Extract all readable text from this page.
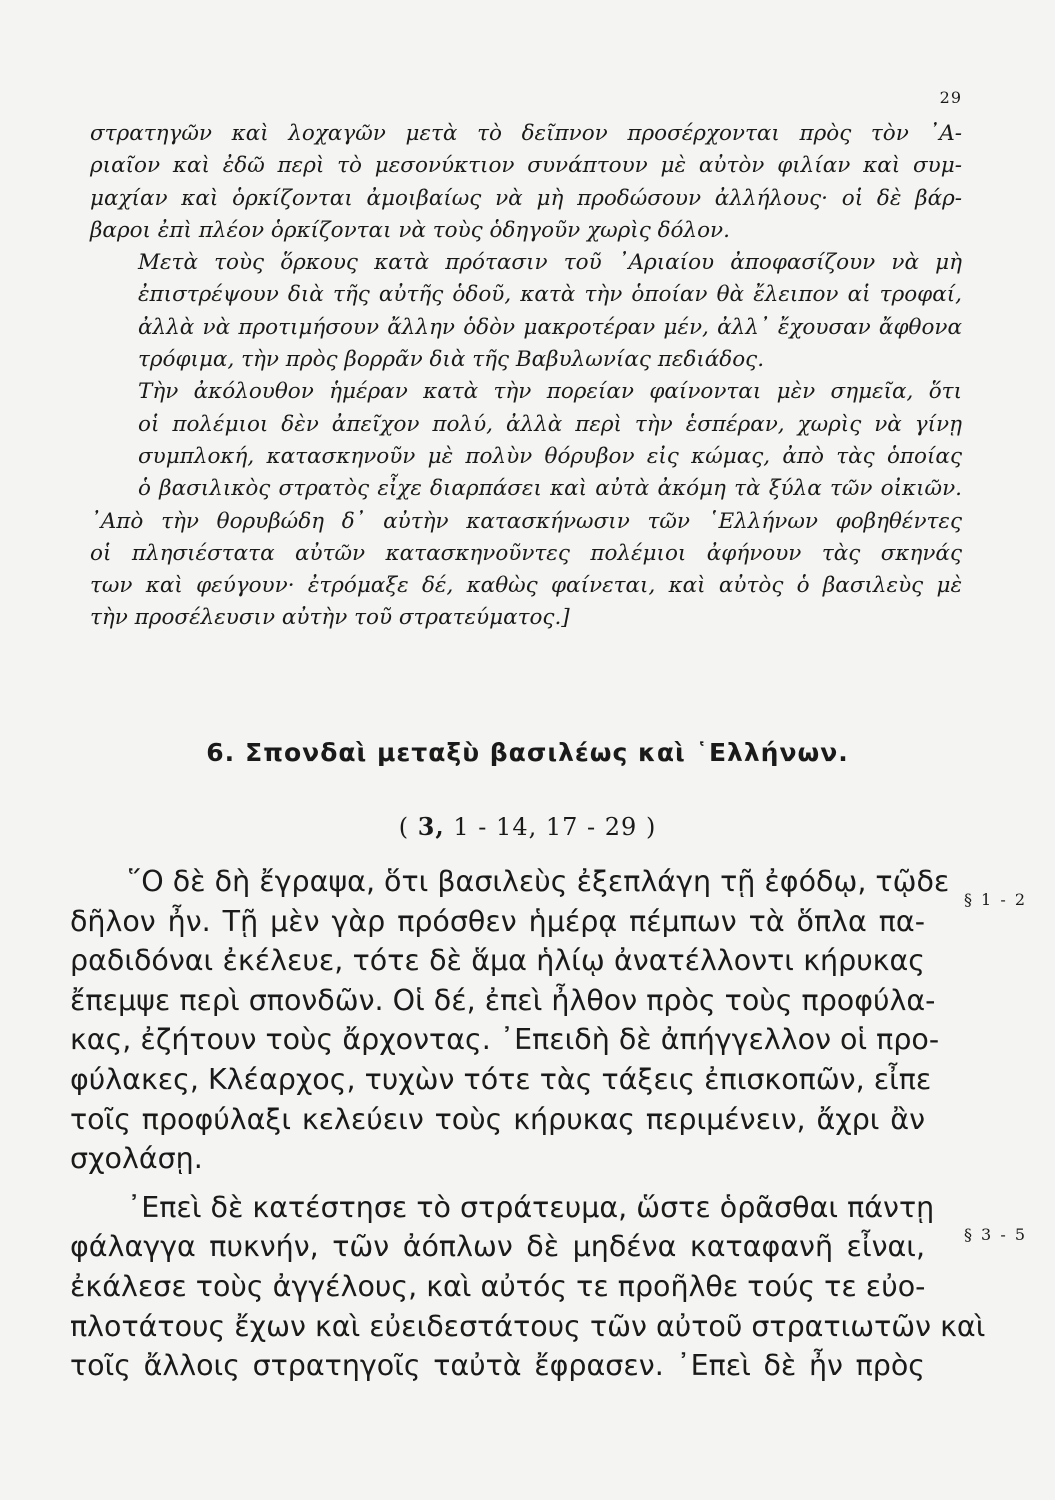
29

στρατηγῶν καὶ λοχαγῶν μετὰ τὸ δεῖπνον προσέρχονται πρὸς τὸν ᾿Α-
ριαῖον καὶ ἐδῶ περὶ τὸ μεσονύκτιον συνάπτουν μὲ αὐτὸν φιλίαν καὶ συμ-
μαχίαν καὶ ὁρκίζονται ἀμοιβαίως νὰ μὴ προδώσουν ἀλλήλους· οἱ δὲ βάρ-
βαροι ἐπὶ πλέον ὁρκίζονται νὰ τοὺς ὁδηγοῦν χωρὶς δόλον.

Μετὰ τοὺς ὅρκους κατὰ πρότασιν τοῦ ᾿Αριαίου ἀποφασίζουν νὰ μὴ
ἐπιστρέψουν διὰ τῆς αὐτῆς ὁδοῦ, κατὰ τὴν ὁποίαν θὰ ἔλειπον αἱ τροφαί,
ἀλλὰ νὰ προτιμήσουν ἄλλην ὁδὸν μακροτέραν μέν, ἀλλ᾿ ἔχουσαν ἄφθονα
τρόφιμα, τὴν πρὸς βορρᾶν διὰ τῆς Βαβυλωνίας πεδιάδος.

Τὴν ἀκόλουθον ἡμέραν κατὰ τὴν πορείαν φαίνονται μὲν σημεῖα, ὅτι
οἱ πολέμιοι δὲν ἀπεῖχον πολύ, ἀλλὰ περὶ τὴν ἑσπέραν, χωρὶς νὰ γίνῃ
συμπλοκή, κατασκηνοῦν μὲ πολὺν θόρυβον εἰς κώμας, ἀπὸ τὰς ὁποίας
ὁ βασιλικὸς στρατὸς εἶχε διαρπάσει καὶ αὐτὰ ἀκόμη τὰ ξύλα τῶν οἰκιῶν.

᾿Απὸ τὴν θορυβώδη δ᾿ αὐτὴν κατασκήνωσιν τῶν ῾Ελλήνων φοβηθέντες
οἱ πλησιέστατα αὐτῶν κατασκηνοῦντες πολέμιοι ἀφήνουν τὰς σκηνάς
των καὶ φεύγουν· ἐτρόμαξε δέ, καθὼς φαίνεται, καὶ αὐτὸς ὁ βασιλεὺς μὲ
τὴν προσέλευσιν αὐτὴν τοῦ στρατεύματος.]

6. Σπονδαὶ μεταξὺ βασιλέως καὶ ῾Ελλήνων.
( 3, 1 - 14, 17 - 29 )

῞Ο δὲ δὴ ἔγραψα, ὅτι βασιλεὺς ἐξεπλάγη τῇ ἐφόδῳ, τῷδε
δῆλον ἦν. Τῇ μὲν γὰρ πρόσθεν ἡμέρᾳ πέμπων τὰ ὅπλα πα-
ραδιδόναι ἐκέλευε, τότε δὲ ἅμα ἡλίῳ ἀνατέλλοντι κήρυκας
ἔπεμψε περὶ σπονδῶν. Οἱ δέ, ἐπεὶ ἦλθον πρὸς τοὺς προφύλα-
κας, ἐζήτουν τοὺς ἄρχοντας. ᾿Επειδὴ δὲ ἀπήγγελλον οἱ προ-
φύλακες, Κλέαρχος, τυχὼν τότε τὰς τάξεις ἐπισκοπῶν, εἶπε
τοῖς προφύλαξι κελεύειν τοὺς κήρυκας περιμένειν, ἄχρι ἂν
σχολάσῃ.

᾿Επεὶ δὲ κατέστησε τὸ στράτευμα, ὥστε ὁρᾶσθαι πάντῃ
φάλαγγα πυκνήν, τῶν ἀόπλων δὲ μηδένα καταφανῆ εἶναι,
ἐκάλεσε τοὺς ἀγγέλους, καὶ αὐτός τε προῆλθε τούς τε εὐο-
πλοτάτους ἔχων καὶ εὐειδεστάτους τῶν αὐτοῦ στρατιωτῶν καὶ
τοῖς ἄλλοις στρατηγοῖς ταὐτὰ ἔφρασεν. ᾿Επεὶ δὲ ἦν πρὸς

§ 1 - 2
§ 3 - 5
